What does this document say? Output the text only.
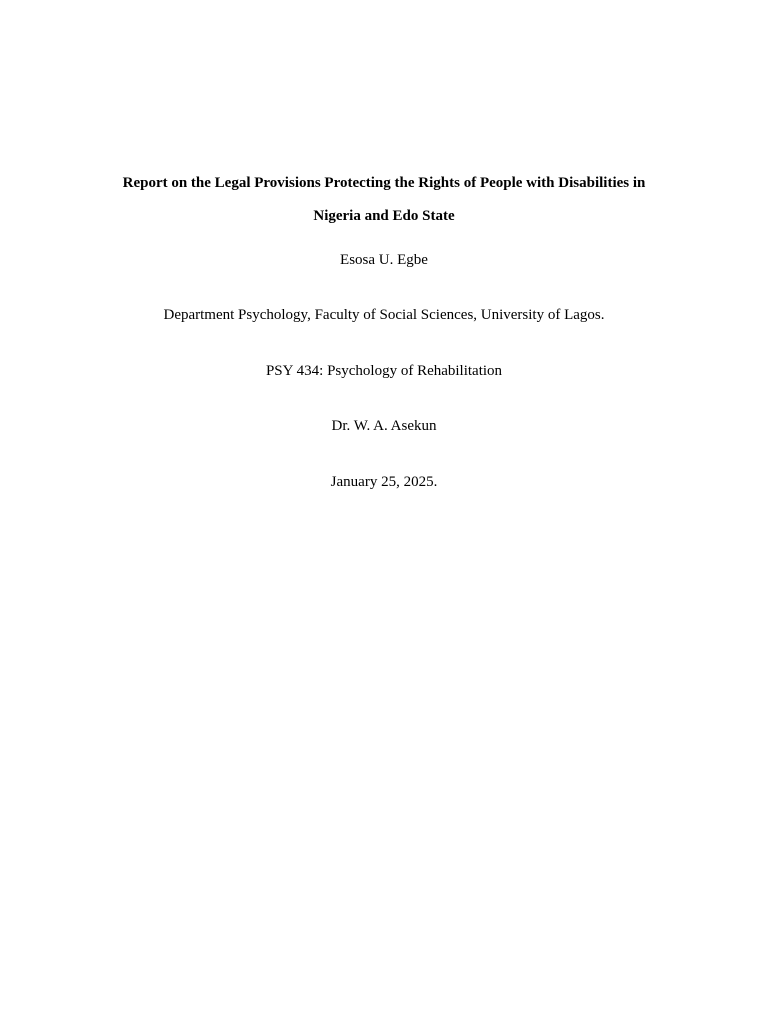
Report on the Legal Provisions Protecting the Rights of People with Disabilities in
Nigeria and Edo State
Esosa U. Egbe
Department Psychology, Faculty of Social Sciences, University of Lagos.
PSY 434: Psychology of Rehabilitation
Dr. W. A. Asekun
January 25, 2025.
